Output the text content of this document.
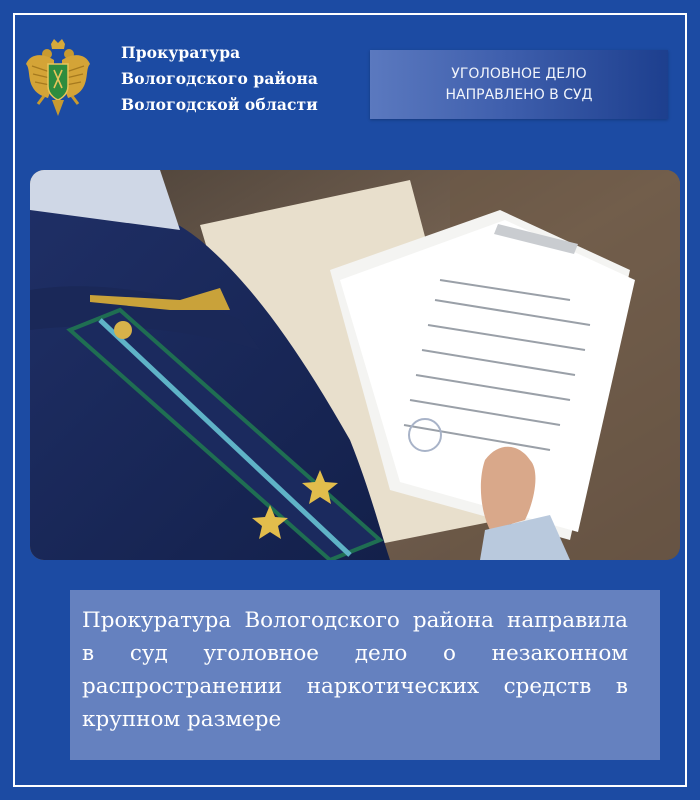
Прокуратура
Вологодского района
Вологодской области
УГОЛОВНОЕ ДЕЛО
НАПРАВЛЕНО В СУД
Прокуратура Вологодского района направила в суд уголовное дело о незаконном распространении наркотических средств в крупном размере
